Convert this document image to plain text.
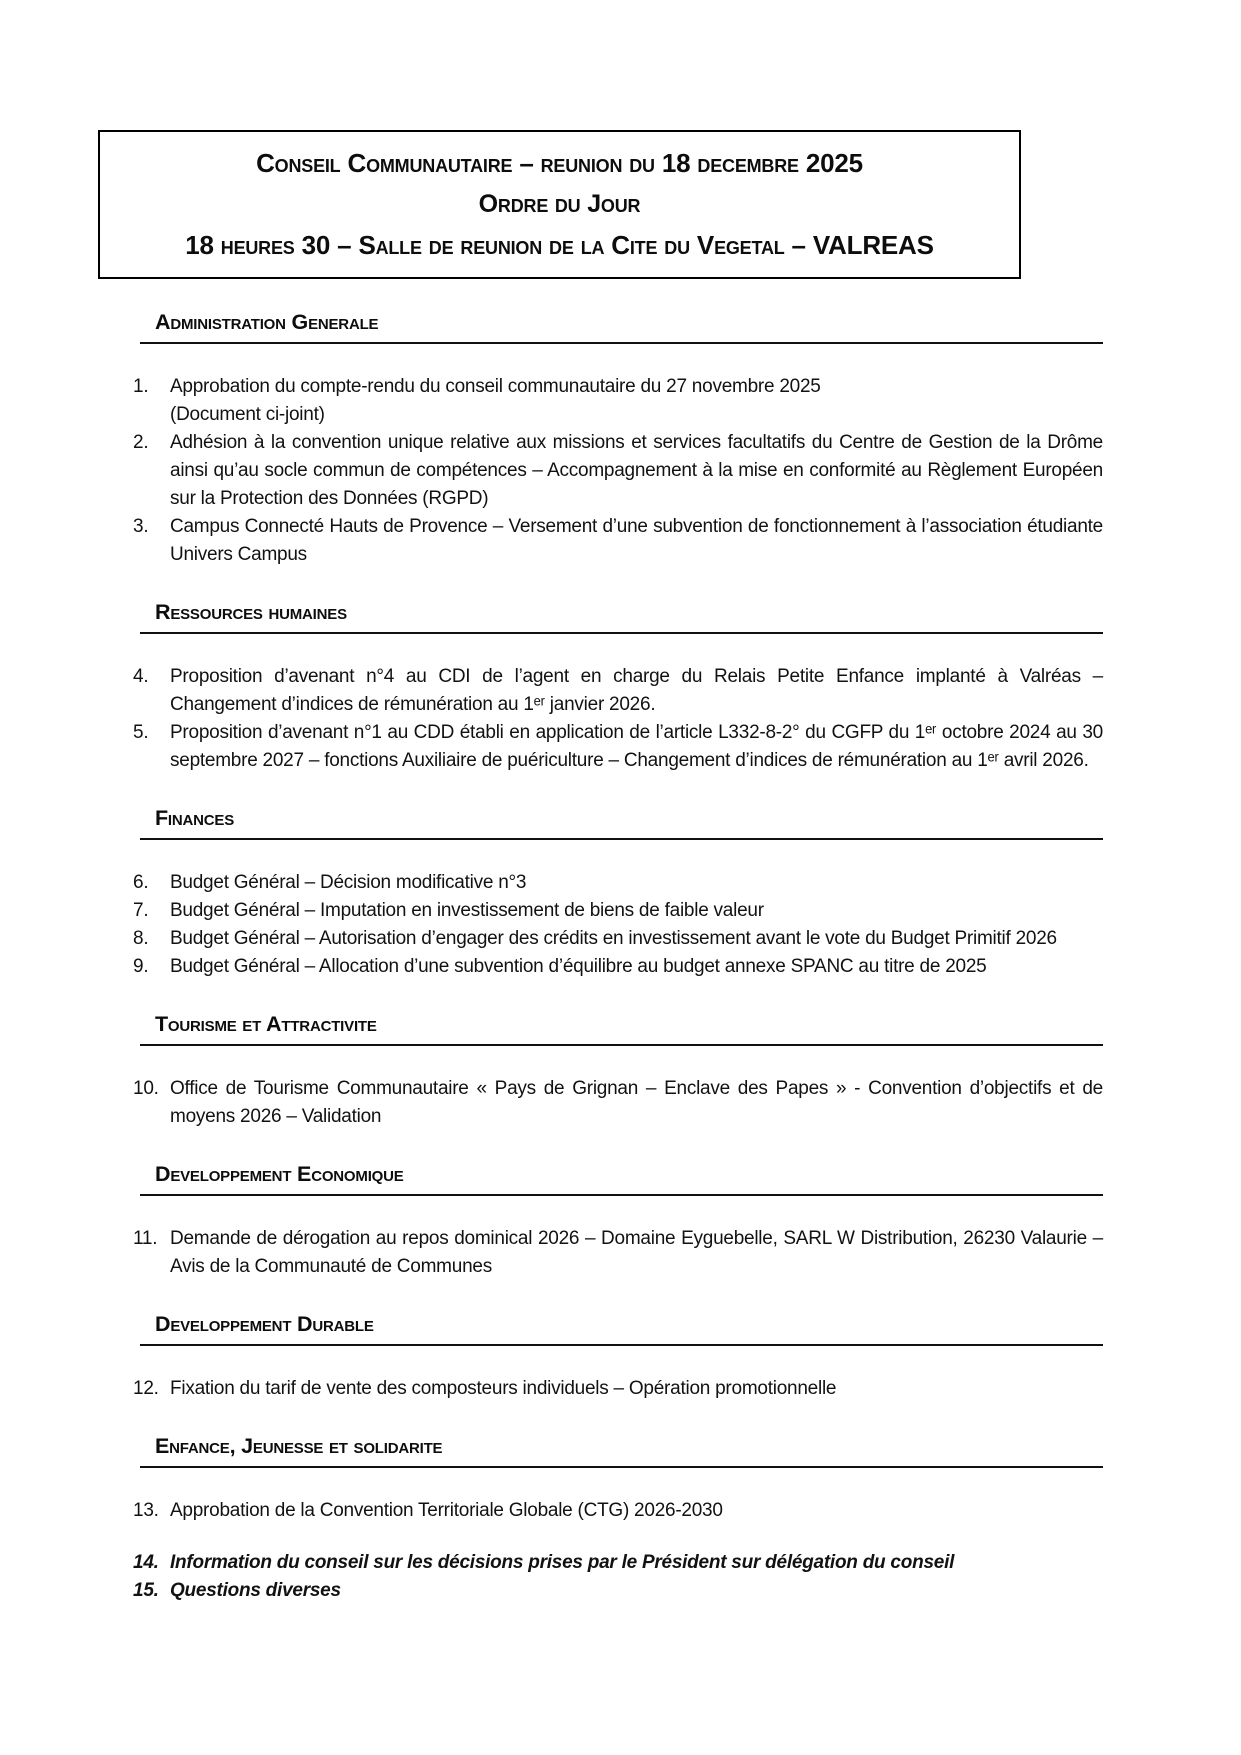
Conseil Communautaire – reunion du 18 decembre 2025
Ordre du Jour
18 heures 30 – Salle de reunion de la Cite du Vegetal – VALREAS
Administration Generale
1.	Approbation du compte-rendu du conseil communautaire du 27 novembre 2025
(Document ci-joint)
2.	Adhésion à la convention unique relative aux missions et services facultatifs du Centre de Gestion de la Drôme ainsi qu’au socle commun de compétences – Accompagnement à la mise en conformité au Règlement Européen sur la Protection des Données (RGPD)
3.	Campus Connecté Hauts de Provence – Versement d’une subvention de fonctionnement à l’association étudiante Univers Campus
Ressources humaines
4.	Proposition d’avenant n°4 au CDI de l’agent en charge du Relais Petite Enfance implanté à Valréas – Changement d’indices de rémunération au 1ᵉʳ janvier 2026.
5.	Proposition d’avenant n°1 au CDD établi en application de l’article L332-8-2° du CGFP du 1ᵉʳ octobre 2024 au 30 septembre 2027 – fonctions Auxiliaire de puériculture – Changement d’indices de rémunération au 1ᵉʳ avril 2026.
Finances
6.	Budget Général – Décision modificative n°3
7.	Budget Général – Imputation en investissement de biens de faible valeur
8.	Budget Général – Autorisation d’engager des crédits en investissement avant le vote du Budget Primitif 2026
9.	Budget Général – Allocation d’une subvention d’équilibre au budget annexe SPANC au titre de 2025
Tourisme et Attractivite
10. Office de Tourisme Communautaire « Pays de Grignan – Enclave des Papes » - Convention d’objectifs et de moyens 2026 – Validation
Developpement Economique
11. Demande de dérogation au repos dominical 2026 – Domaine Eyguebelle, SARL W Distribution, 26230 Valaurie – Avis de la Communauté de Communes
Developpement Durable
12. Fixation du tarif de vente des composteurs individuels – Opération promotionnelle
Enfance, Jeunesse et solidarite
13. Approbation de la Convention Territoriale Globale (CTG) 2026-2030
14. Information du conseil sur les décisions prises par le Président sur délégation du conseil
15. Questions diverses
